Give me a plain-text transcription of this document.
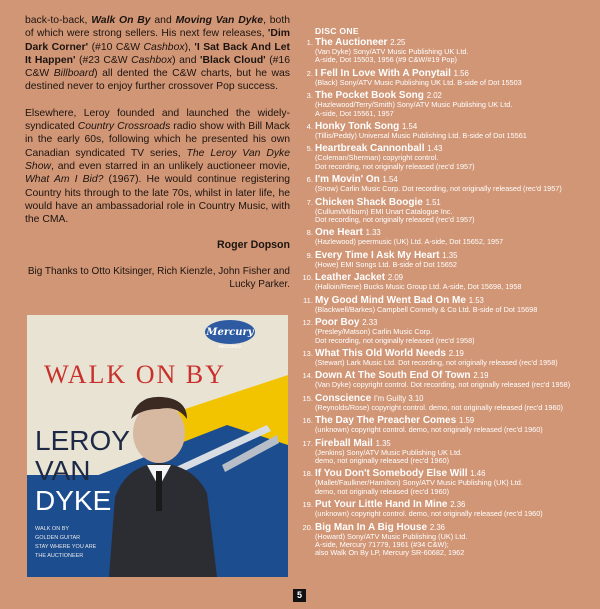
back-to-back, Walk On By and Moving Van Dyke, both of which were strong sellers. His next few releases, 'Dim Dark Corner' (#10 C&W Cashbox), 'I Sat Back And Let It Happen' (#23 C&W Cashbox) and 'Black Cloud' (#16 C&W Billboard) all dented the C&W charts, but he was destined never to enjoy further crossover Pop success.

Elsewhere, Leroy founded and launched the widely-syndicated Country Crossroads radio show with Bill Mack in the early 60s, following which he presented his own Canadian syndicated TV series, The Leroy Van Dyke Show, and even starred in an unlikely auctioneer movie, What Am I Bid? (1967). He would continue registering Country hits through to the late 70s, whilst in later life, he would have an ambassadorial role in Country Music, with the CMA.

Roger Dopson
Big Thanks to Otto Kitsinger, Rich Kienzle, John Fisher and Lucky Parker.
Mercury
RECORDS
WALK ON BY
LEROY
VAN
DYKE
WALK ON BY
GOLDEN GUITAR
STAY WHERE YOU ARE
THE AUCTIONEER
DISC ONE
1. The Auctioneer 2.25
(Van Dyke) Sony/ATV Music Publishing UK Ltd.
A-side, Dot 15503, 1956 (#9 C&W/#19 Pop)
2. I Fell In Love With A Ponytail 1.56
(Black) Sony/ATV Music Publishing UK Ltd. B-side of Dot 15503
3. The Pocket Book Song 2.02
(Hazlewood/Terry/Smith) Sony/ATV Music Publishing UK Ltd.
A-side, Dot 15561, 1957
4. Honky Tonk Song 1.54
(Tillis/Peddy) Universal Music Publishing Ltd. B-side of Dot 15561
5. Heartbreak Cannonball 1.43
(Coleman/Sherman) copyright control.
Dot recording, not originally released (rec'd 1957)
6. I'm Movin' On 1.54
(Snow) Carlin Music Corp. Dot recording, not originally released (rec'd 1957)
7. Chicken Shack Boogie 1.51
(Cullum/Milburn) EMI Unart Catalogue Inc.
Dot recording, not originally released (rec'd 1957)
8. One Heart 1.33
(Hazlewood) peermusic (UK) Ltd. A-side, Dot 15652, 1957
9. Every Time I Ask My Heart 1.35
(Howe) EMI Songs Ltd. B-side of Dot 15652
10. Leather Jacket 2.09
(Halloin/Rene) Bucks Music Group Ltd. A-side, Dot 15698, 1958
11. My Good Mind Went Bad On Me 1.53
(Blackwell/Barkes) Campbell Connelly & Co Ltd. B-side of Dot 15698
12. Poor Boy 2.33
(Presley/Matson) Carlin Music Corp.
Dot recording, not originally released (rec'd 1958)
13. What This Old World Needs 2.19
(Stewart) Lark Music Ltd. Dot recording, not originally released (rec'd 1958)
14. Down At The South End Of Town 2.19
(Van Dyke) copyright control. Dot recording, not originally released (rec'd 1958)
15. Conscience I'm Guilty 3.10
(Reynolds/Rose) copyright control. demo, not originally released (rec'd 1960)
16. The Day The Preacher Comes 1.59
(unknown) copyright control. demo, not originally released (rec'd 1960)
17. Fireball Mail 1.35
(Jenkins) Sony/ATV Music Publishing UK Ltd.
demo, not originally released (rec'd 1960)
18. If You Don't Somebody Else Will 1.46
(Mallet/Faulkner/Hamilton) Sony/ATV Music Publishing (UK) Ltd.
demo, not originally released (rec'd 1960)
19. Put Your Little Hand In Mine 2.36
(unknown) copyright control. demo, not originally released (rec'd 1960)
20. Big Man In A Big House 2.36
(Howard) Sony/ATV Music Publishing (UK) Ltd.
A-side, Mercury 71779, 1961 (#34 C&W);
also Walk On By LP, Mercury SR-60682, 1962
5
